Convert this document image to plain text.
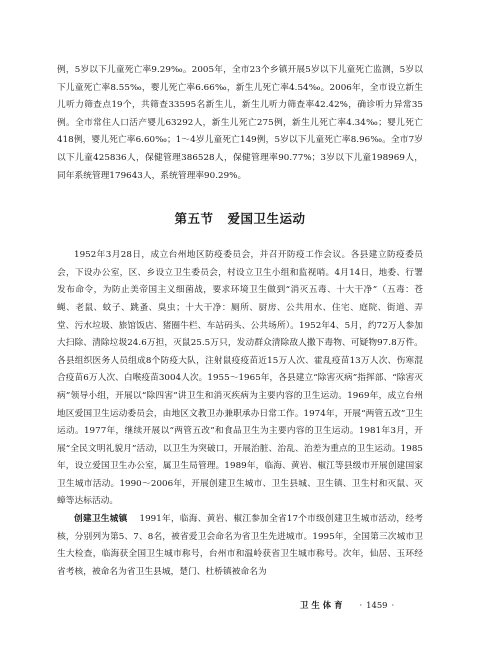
例，5岁以下儿童死亡率9.29‰。2005年，全市23个乡镇开展5岁以下儿童死亡监测，5岁以下儿童死亡率8.55‰，婴儿死亡率6.66‰，新生儿死亡率4.54‰。2006年，全市设立新生儿听力筛查点19个，共筛查33595名新生儿，新生儿听力筛查率42.42%，确诊听力异常35例。全市常住人口活产婴儿63292人，新生儿死亡275例，新生儿死亡率4.34‰；婴儿死亡418例，婴儿死亡率6.60‰；1～4岁儿童死亡149例，5岁以下儿童死亡率8.96‰。全市7岁以下儿童425836人，保健管理386528人，保健管理率90.77%；3岁以下儿童198969人，同年系统管理179643人，系统管理率90.29%。

第五节 爱国卫生运动

1952年3月28日，成立台州地区防疫委员会，并召开防疫工作会议。各县建立防疫委员会，下设办公室，区、乡设立卫生委员会，村设立卫生小组和监视哨。4月14日，地委、行署发布命令，为防止美帝国主义细菌战，要求环境卫生做到“消灭五毒、十大干净”（五毒：苍蝇、老鼠、蚊子、跳蚤、臭虫；十大干净：厕所、厨房、公共用水、住宅、庭院、街道、弄堂、污水垃圾、旅馆饭店、猪圈牛栏、车站码头、公共场所）。1952年4、5月，约72万人参加大扫除、清除垃圾24.6万担，灭鼠25.5万只，发动群众清除敌人撒下毒物、可疑物97.8万件。各县组织医务人员组成8个防疫大队，注射鼠疫疫苗近15万人次、霍乱疫苗13万人次、伤寒混合疫苗6万人次、白喉疫苗3004人次。1955～1965年，各县建立“除害灭病”指挥部、“除害灭病”领导小组，开展以“除四害”讲卫生和消灭疾病为主要内容的卫生运动。1969年，成立台州地区爱国卫生运动委员会，由地区文教卫办兼职承办日常工作。1974年，开展“两管五改”卫生运动。1977年，继续开展以“两管五改”和食品卫生为主要内容的卫生运动。1981年3月，开展“全民文明礼貌月”活动，以卫生为突破口，开展治脏、治乱、治差为重点的卫生运动。1985年，设立爱国卫生办公室，属卫生局管理。1989年，临海、黄岩、椒江等县级市开展创建国家卫生城市活动。1990～2006年，开展创建卫生城市、卫生县城、卫生镇、卫生村和灭鼠、灭蟑等达标活动。

创建卫生城镇 1991年，临海、黄岩、椒江参加全省17个市级创建卫生城市活动，经考核，分别列为第5、7、8名，被省爱卫会命名为省卫生先进城市。1995年，全国第三次城市卫生大检查，临海获全国卫生城市称号，台州市和温岭获省卫生城市称号。次年，仙居、玉环经省考核，被命名为省卫生县城，楚门、杜桥镇被命名为

卫生体育 · 1459 ·
